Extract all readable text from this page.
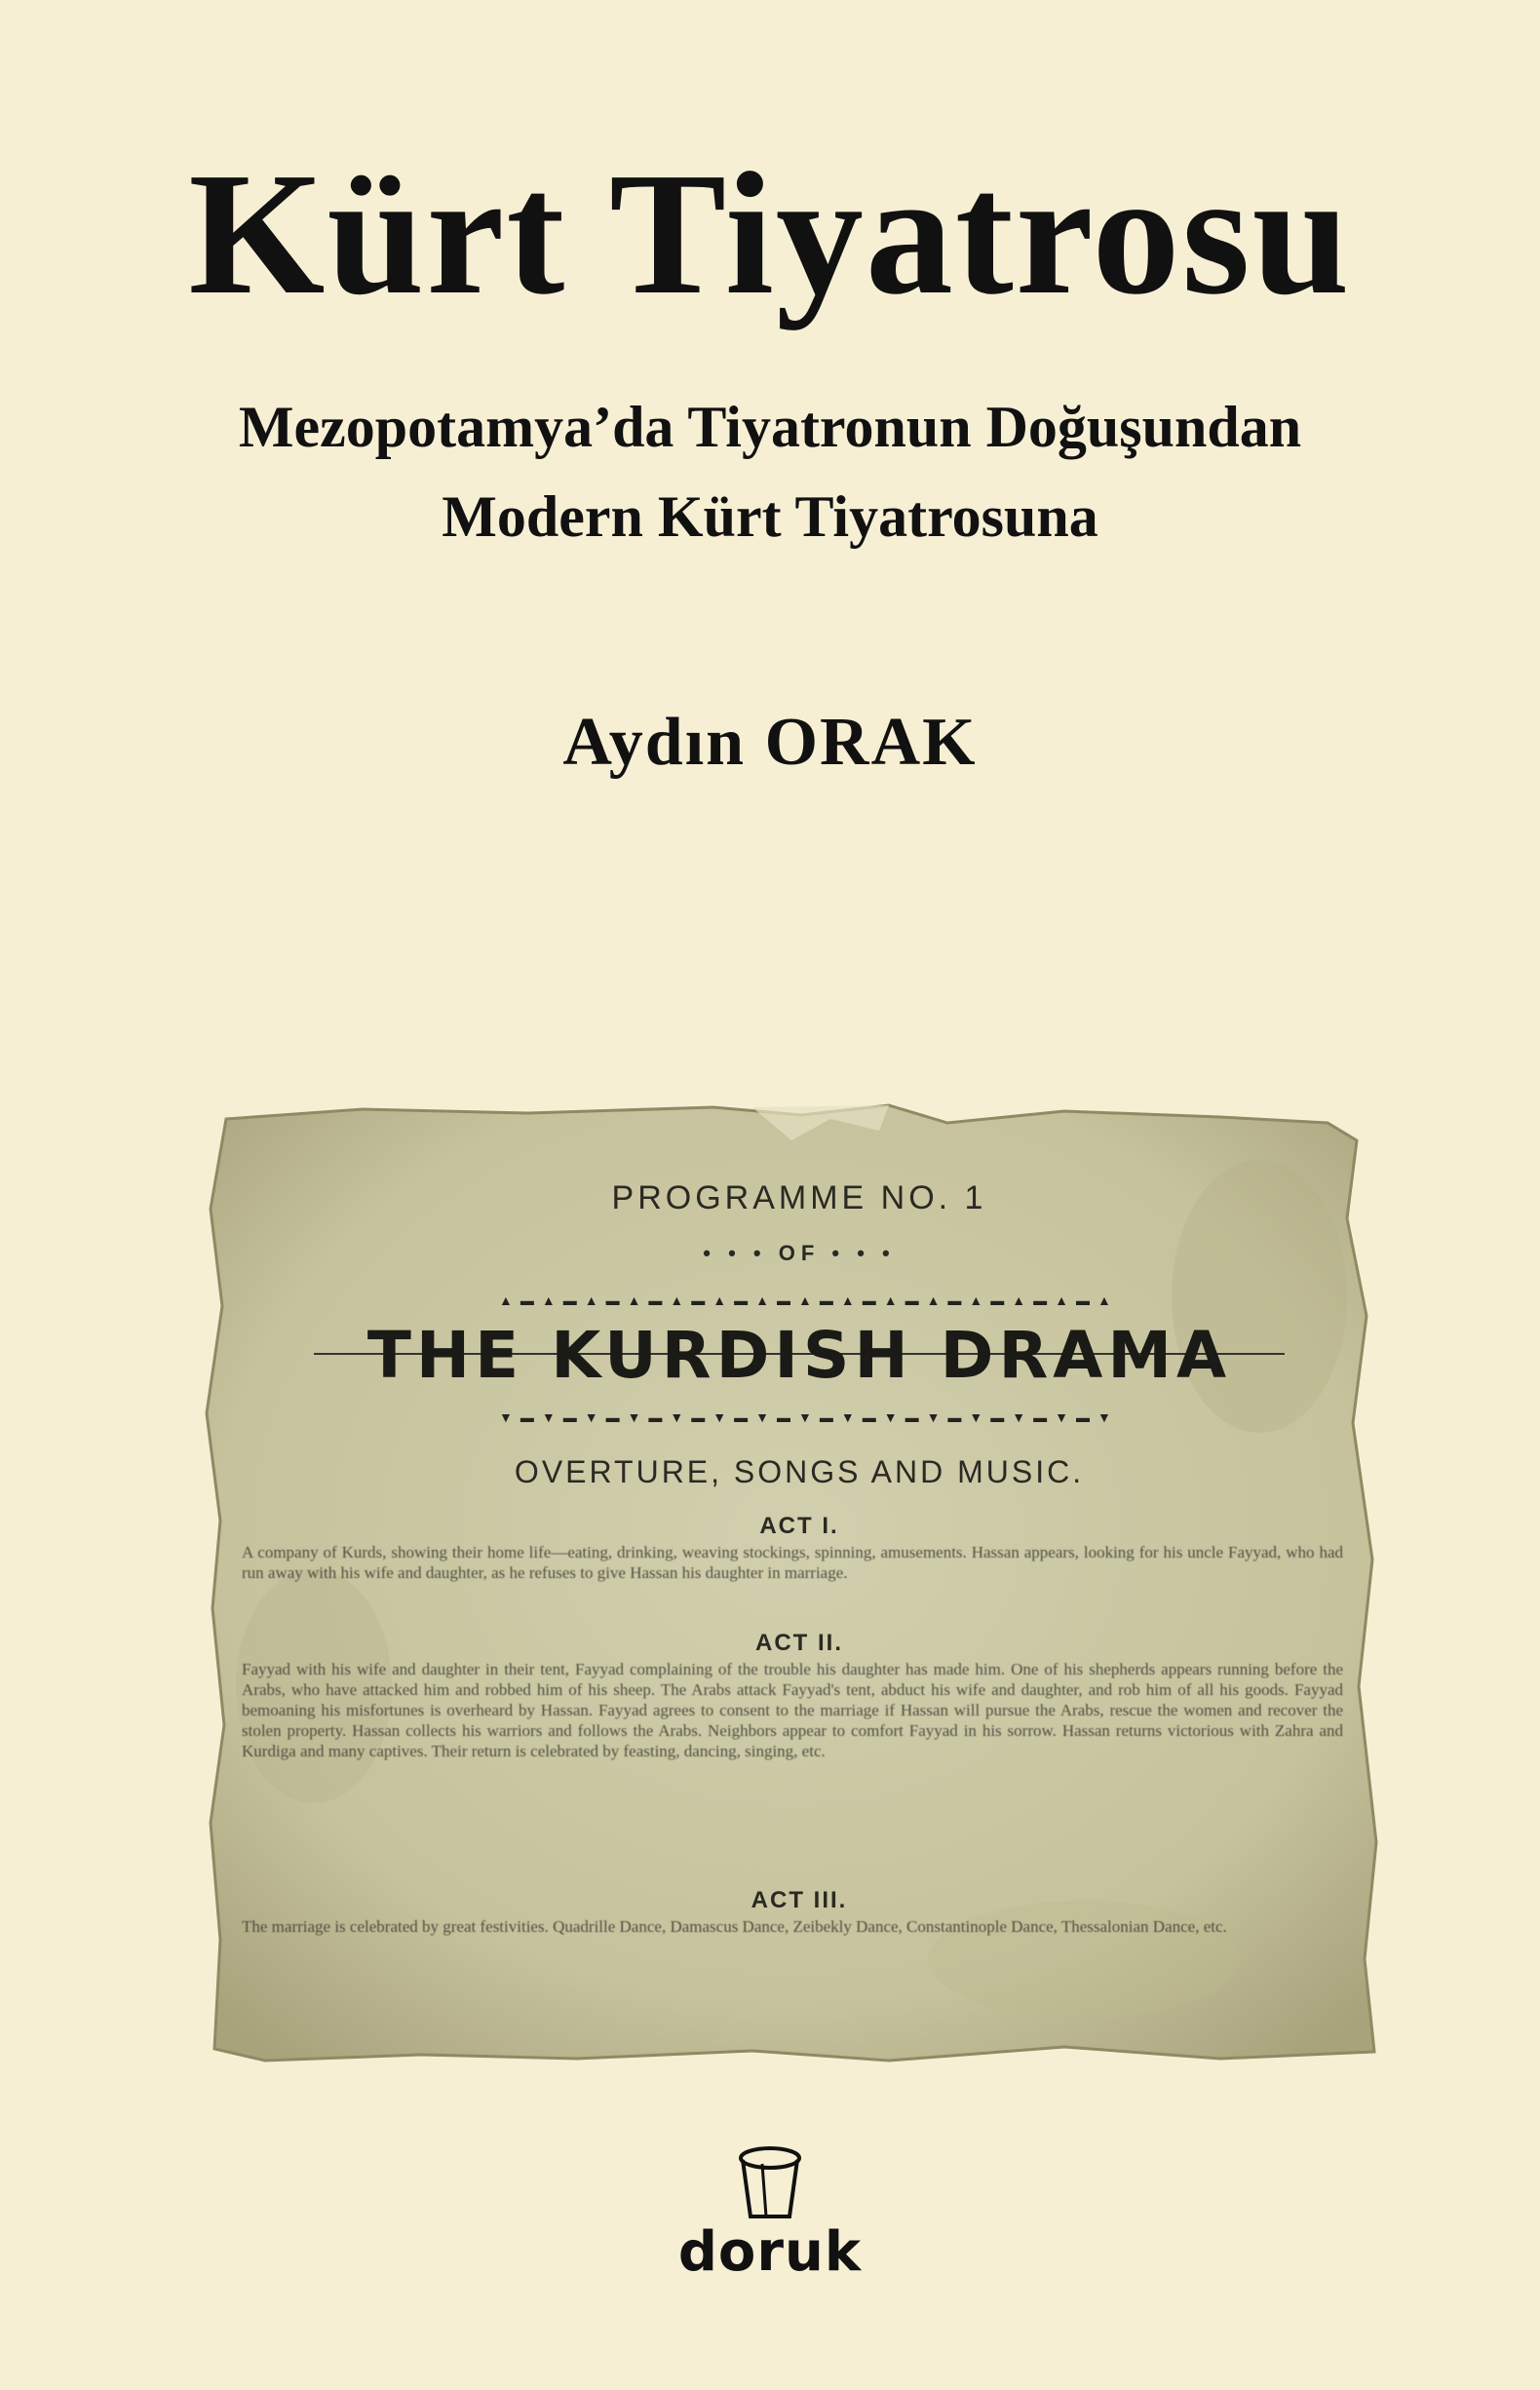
Kürt Tiyatrosu
Mezopotamya’da Tiyatronun Doğuşundan
Modern Kürt Tiyatrosuna
Aydın ORAK
PROGRAMME NO. 1
• • • OF • • •
▲▬▲▬▲▬▲▬▲▬▲▬▲▬▲▬▲▬▲▬▲▬▲▬▲▬▲▬▲
THE KURDISH DRAMA
▼▬▼▬▼▬▼▬▼▬▼▬▼▬▼▬▼▬▼▬▼▬▼▬▼▬▼▬▼
OVERTURE, SONGS AND MUSIC.
ACT I.
A company of Kurds, showing their home life—eating, drinking, weaving stockings, spinning, amusements. Hassan appears, looking for his uncle Fayyad, who had run away with his wife and daughter, as he refuses to give Hassan his daughter in marriage.
ACT II.
Fayyad with his wife and daughter in their tent, Fayyad complaining of the trouble his daughter has made him. One of his shepherds appears running before the Arabs, who have attacked him and robbed him of his sheep. The Arabs attack Fayyad's tent, abduct his wife and daughter, and rob him of all his goods. Fayyad bemoaning his misfortunes is overheard by Hassan. Fayyad agrees to consent to the marriage if Hassan will pursue the Arabs, rescue the women and recover the stolen property. Hassan collects his warriors and follows the Arabs. Neighbors appear to comfort Fayyad in his sorrow. Hassan returns victorious with Zahra and Kurdiga and many captives. Their return is celebrated by feasting, dancing, singing, etc.
ACT III.
The marriage is celebrated by great festivities. Quadrille Dance, Damascus Dance, Zeibekly Dance, Constantinople Dance, Thessalonian Dance, etc.
doruk
